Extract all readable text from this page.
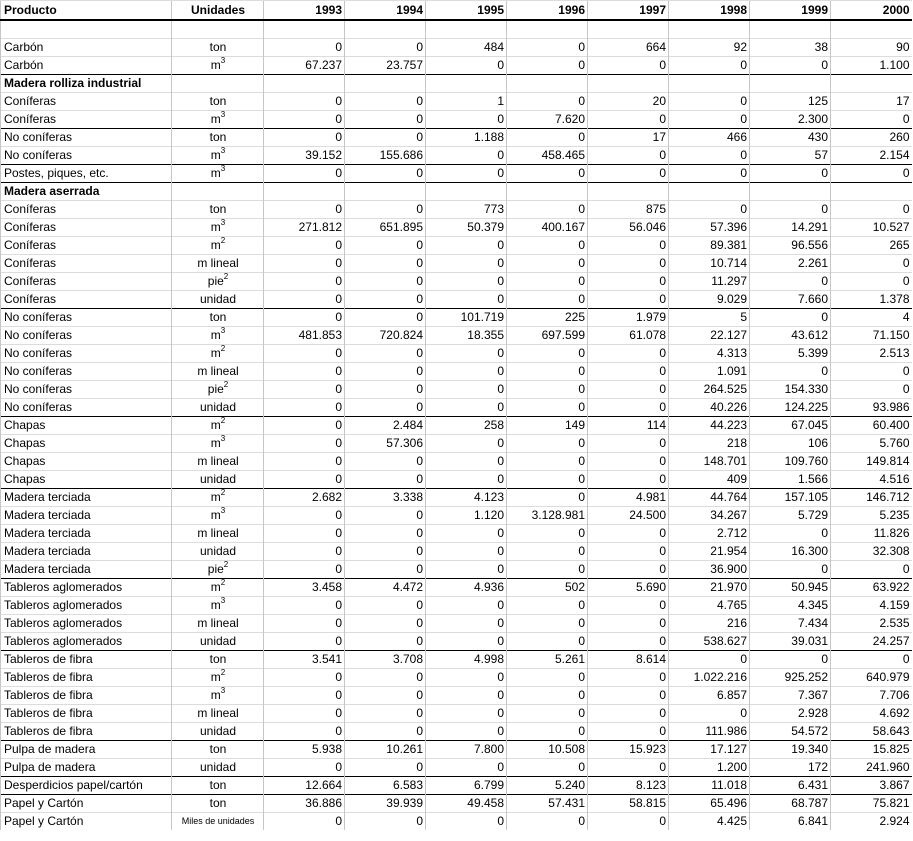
Producto	Unidades	1993	1994	1995	1996	1997	1998	1999	2000

Carbón	ton	0	0	484	0	664	92	38	90
Carbón	$m^3$	67.237	23.757	0	0	0	0	0	1.100
Madera rolliza industrial									
Coníferas	ton	0	0	1	0	20	0	125	17
Coníferas	$m^3$	0	0	0	7.620	0	0	2.300	0
No coníferas	ton	0	0	1.188	0	17	466	430	260
No coníferas	$m^3$	39.152	155.686	0	458.465	0	0	57	2.154
Postes, piques, etc.	$m^3$	0	0	0	0	0	0	0	0
Madera aserrada									
Coníferas	ton	0	0	773	0	875	0	0	0
Coníferas	$m^3$	271.812	651.895	50.379	400.167	56.046	57.396	14.291	10.527
Coníferas	$m^2$	0	0	0	0	0	89.381	96.556	265
Coníferas	m lineal	0	0	0	0	0	10.714	2.261	0
Coníferas	pie$^2$	0	0	0	0	0	11.297	0	0
Coníferas	unidad	0	0	0	0	0	9.029	7.660	1.378
No coníferas	ton	0	0	101.719	225	1.979	5	0	4
No coníferas	$m^3$	481.853	720.824	18.355	697.599	61.078	22.127	43.612	71.150
No coníferas	$m^2$	0	0	0	0	0	4.313	5.399	2.513
No coníferas	m lineal	0	0	0	0	0	1.091	0	0
No coníferas	pie$^2$	0	0	0	0	0	264.525	154.330	0
No coníferas	unidad	0	0	0	0	0	40.226	124.225	93.986
Chapas	$m^2$	0	2.484	258	149	114	44.223	67.045	60.400
Chapas	$m^3$	0	57.306	0	0	0	218	106	5.760
Chapas	m lineal	0	0	0	0	0	148.701	109.760	149.814
Chapas	unidad	0	0	0	0	0	409	1.566	4.516
Madera terciada	$m^2$	2.682	3.338	4.123	0	4.981	44.764	157.105	146.712
Madera terciada	$m^3$	0	0	1.120	3.128.981	24.500	34.267	5.729	5.235
Madera terciada	m lineal	0	0	0	0	0	2.712	0	11.826
Madera terciada	unidad	0	0	0	0	0	21.954	16.300	32.308
Madera terciada	pie$^2$	0	0	0	0	0	36.900	0	0
Tableros aglomerados	$m^2$	3.458	4.472	4.936	502	5.690	21.970	50.945	63.922
Tableros aglomerados	$m^3$	0	0	0	0	0	4.765	4.345	4.159
Tableros aglomerados	m lineal	0	0	0	0	0	216	7.434	2.535
Tableros aglomerados	unidad	0	0	0	0	0	538.627	39.031	24.257
Tableros de fibra	ton	3.541	3.708	4.998	5.261	8.614	0	0	0
Tableros de fibra	$m^2$	0	0	0	0	0	1.022.216	925.252	640.979
Tableros de fibra	$m^3$	0	0	0	0	0	6.857	7.367	7.706
Tableros de fibra	m lineal	0	0	0	0	0	0	2.928	4.692
Tableros de fibra	unidad	0	0	0	0	0	111.986	54.572	58.643
Pulpa de madera	ton	5.938	10.261	7.800	10.508	15.923	17.127	19.340	15.825
Pulpa de madera	unidad	0	0	0	0	0	1.200	172	241.960
Desperdicios papel/cartón	ton	12.664	6.583	6.799	5.240	8.123	11.018	6.431	3.867
Papel y Cartón	ton	36.886	39.939	49.458	57.431	58.815	65.496	68.787	75.821
Papel y Cartón	Miles de unidades	0	0	0	0	0	4.425	6.841	2.924
